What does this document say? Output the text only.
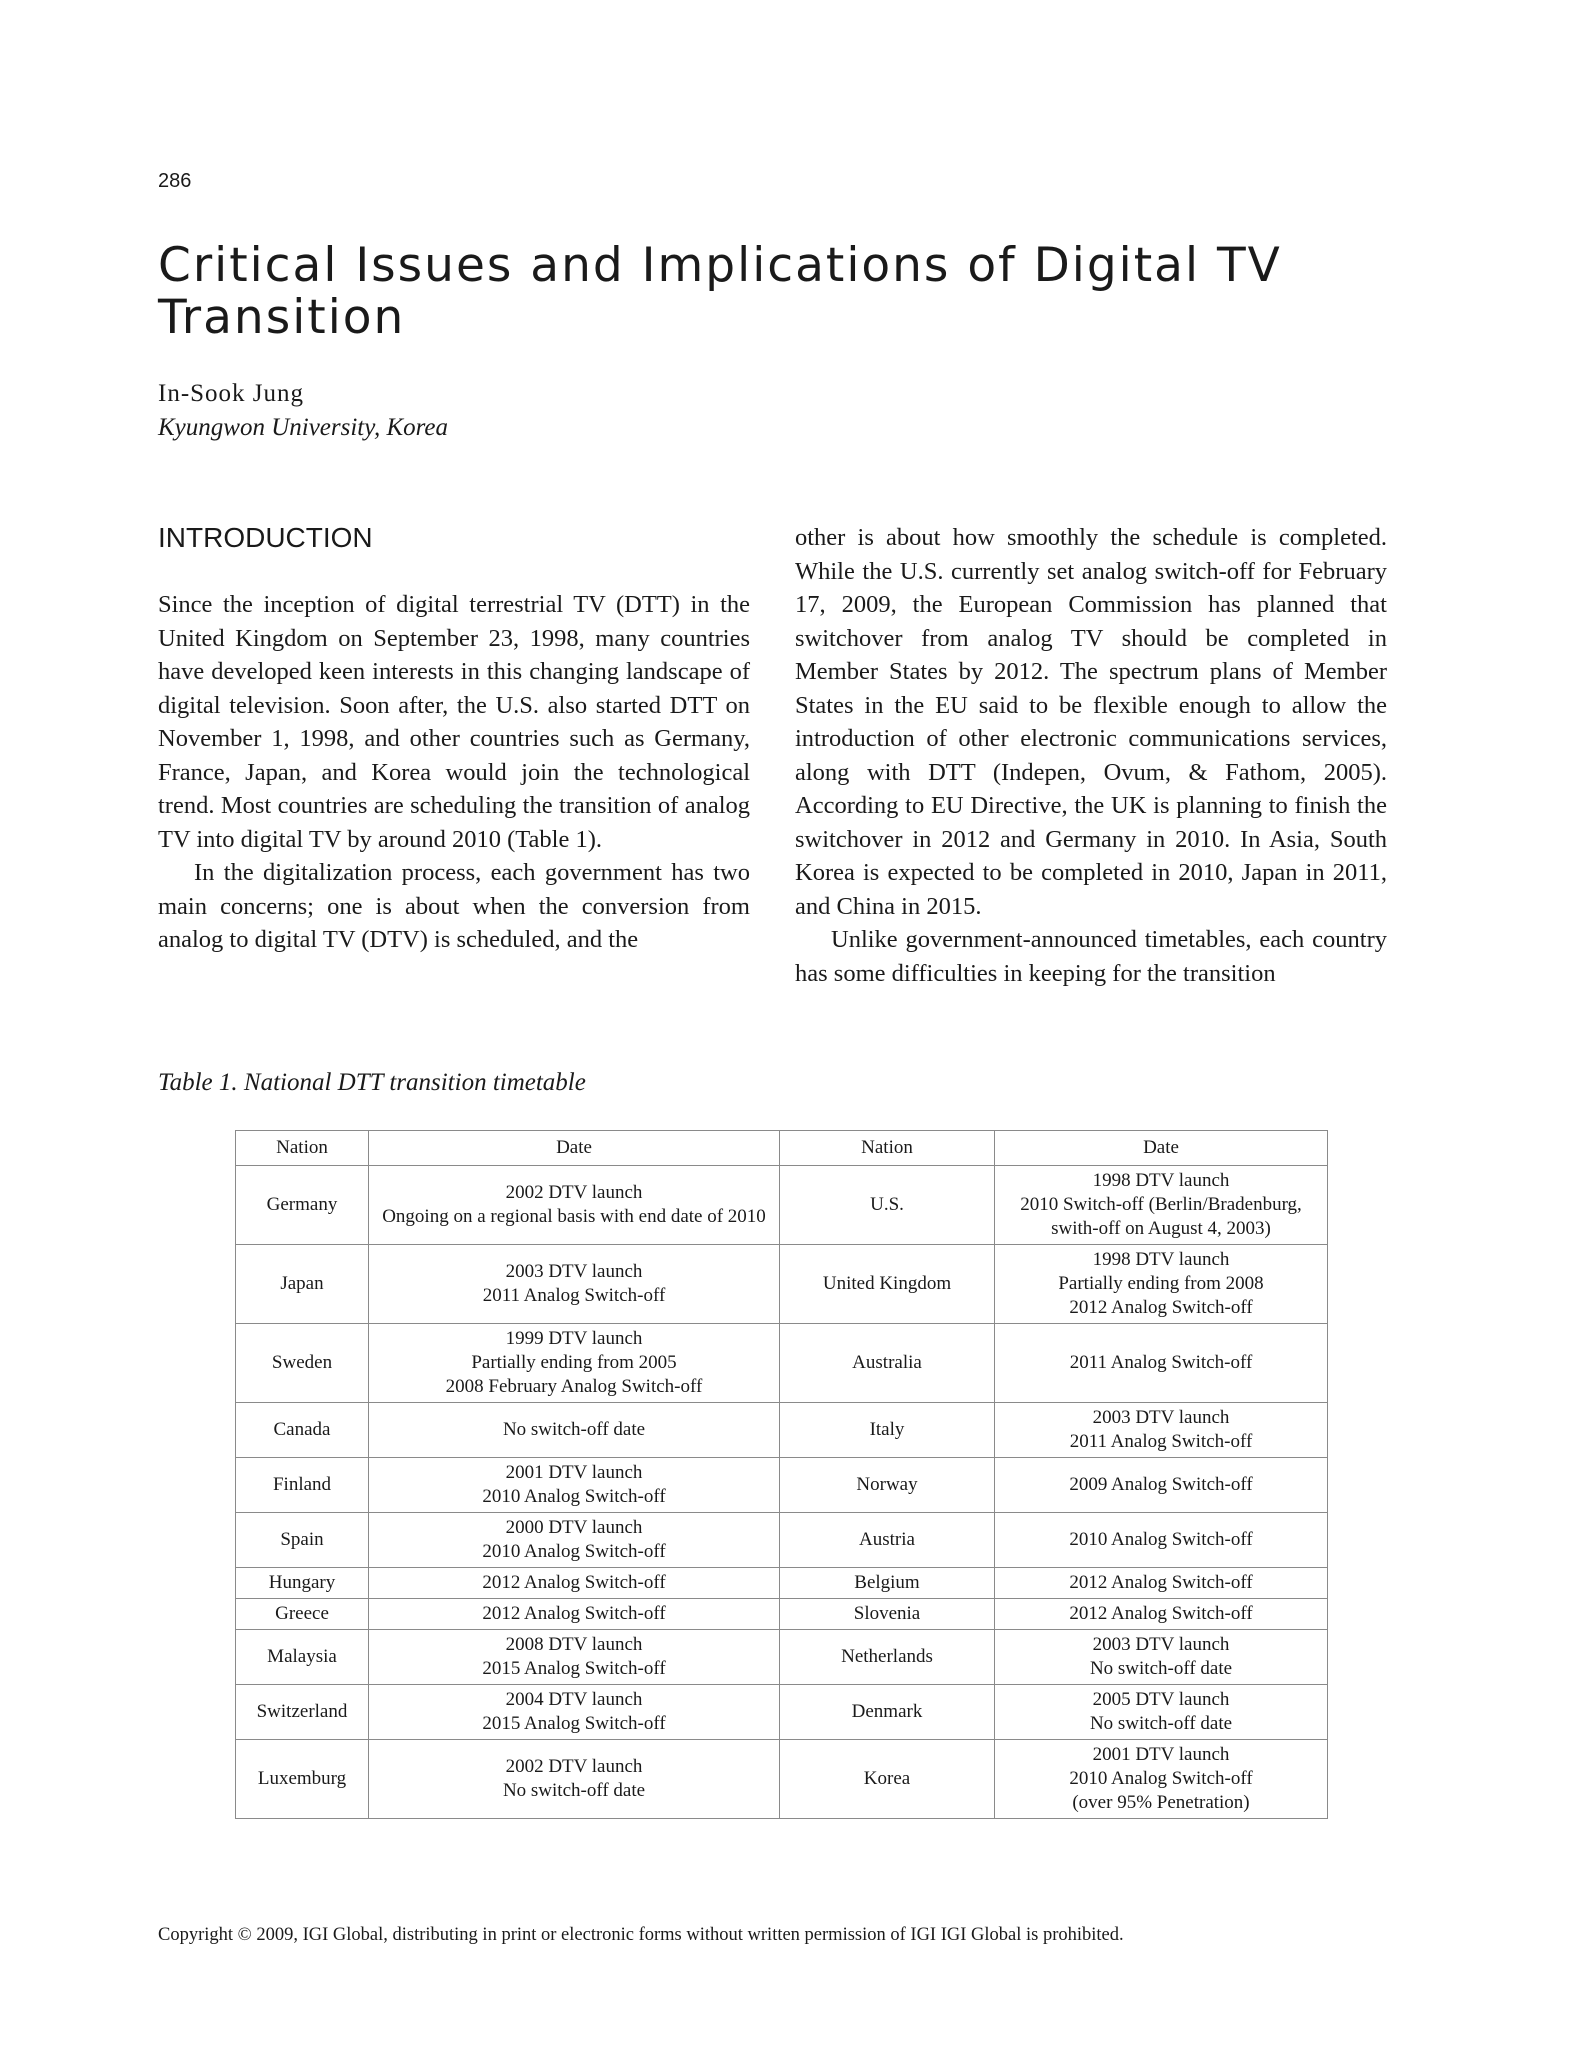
286
Critical Issues and Implications of Digital TV Transition
In-Sook Jung
Kyungwon University, Korea
INTRODUCTION

Since the inception of digital terrestrial TV (DTT) in the United Kingdom on September 23, 1998, many countries have developed keen interests in this changing landscape of digital television. Soon after, the U.S. also started DTT on November 1, 1998, and other countries such as Germany, France, Japan, and Korea would join the technological trend. Most countries are scheduling the transition of analog TV into digital TV by around 2010 (Table 1).

In the digitalization process, each government has two main concerns; one is about when the conversion from analog to digital TV (DTV) is scheduled, and the

other is about how smoothly the schedule is completed. While the U.S. currently set analog switch-off for February 17, 2009, the European Commission has planned that switchover from analog TV should be completed in Member States by 2012. The spectrum plans of Member States in the EU said to be flexible enough to allow the introduction of other electronic communications services, along with DTT (Indepen, Ovum, & Fathom, 2005). According to EU Directive, the UK is planning to finish the switchover in 2012 and Germany in 2010. In Asia, South Korea is expected to be completed in 2010, Japan in 2011, and China in 2015.

Unlike government-announced timetables, each country has some difficulties in keeping for the transition

Table 1. National DTT transition timetable
Nation	Date	Nation	Date
Germany	2002 DTV launch
Ongoing on a regional basis with end date of 2010	U.S.	1998 DTV launch
2010 Switch-off (Berlin/Bradenburg,
swith-off on August 4, 2003)

Japan	2003 DTV launch
2011 Analog Switch-off	United Kingdom	1998 DTV launch
Partially ending from 2008
2012 Analog Switch-off

Sweden	1999 DTV launch
Partially ending from 2005
2008 February Analog Switch-off	Australia	2011 Analog Switch-off

Canada	No switch-off date	Italy	2003 DTV launch
2011 Analog Switch-off

Finland	2001 DTV launch
2010 Analog Switch-off	Norway	2009 Analog Switch-off

Spain	2000 DTV launch
2010 Analog Switch-off	Austria	2010 Analog Switch-off

Hungary	2012 Analog Switch-off	Belgium	2012 Analog Switch-off

Greece	2012 Analog Switch-off	Slovenia	2012 Analog Switch-off

Malaysia	2008 DTV launch
2015 Analog Switch-off	Netherlands	2003 DTV launch
No switch-off date

Switzerland	2004 DTV launch
2015 Analog Switch-off	Denmark	2005 DTV launch
No switch-off date

Luxemburg	2002 DTV launch
No switch-off date	Korea	2001 DTV launch
2010 Analog Switch-off
(over 95% Penetration)
Copyright © 2009, IGI Global, distributing in print or electronic forms without written permission of IGI IGI Global is prohibited.
